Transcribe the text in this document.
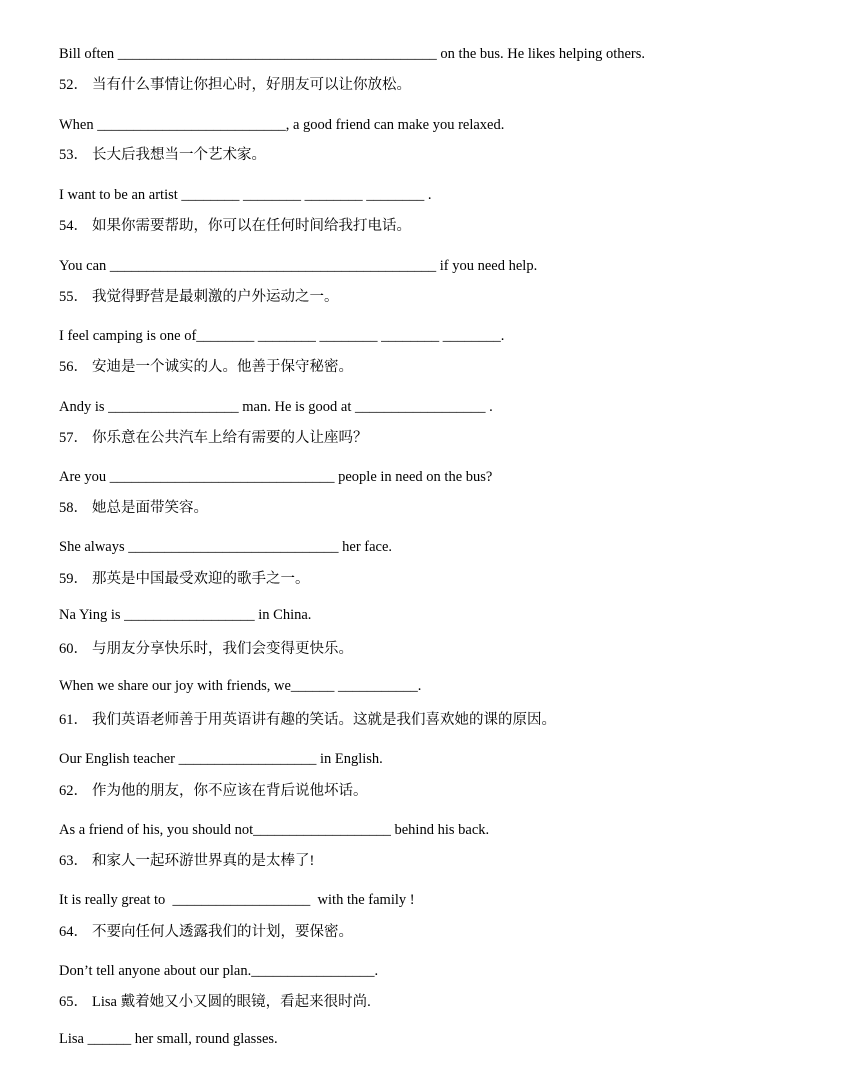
Bill often ____________________________________________ on the bus. He likes helping others.
52． 当有什么事情让你担心时，好朋友可以让你放松。
When __________________________, a good friend can make you relaxed.
53． 长大后我想当一个艺术家。
I want to be an artist ________ ________ ________ ________ .
54． 如果你需要帮助，你可以在任何时间给我打电话。
You can _____________________________________________ if you need help.
55． 我觉得野营是最刺激的户外运动之一。
I feel camping is one of________ ________ ________ ________ ________.
56． 安迪是一个诚实的人。他善于保守秘密。
Andy is __________________ man. He is good at __________________ .
57． 你乐意在公共汽车上给有需要的人让座吗？
Are you _______________________________ people in need on the bus?
58． 她总是面带笑容。
She always _____________________________ her face.
59． 那英是中国最受欢迎的歌手之一。
Na Ying is __________________ in China.
60． 与朋友分享快乐时，我们会变得更快乐。
When we share our joy with friends, we______ ___________.
61． 我们英语老师善于用英语讲有趣的笑话。这就是我们喜欢她的课的原因。
Our English teacher ___________________ in English.
62． 作为他的朋友，你不应该在背后说他坏话。
As a friend of his, you should not___________________ behind his back.
63． 和家人一起环游世界真的是太棒了!
It is really great to  ___________________  with the family !
64． 不要向任何人透露我们的计划，要保密。
Don’t tell anyone about our plan._________________.
65． Lisa 戴着她又小又圆的眼镜，看起来很时尚.
Lisa ______ her small, round glasses.
